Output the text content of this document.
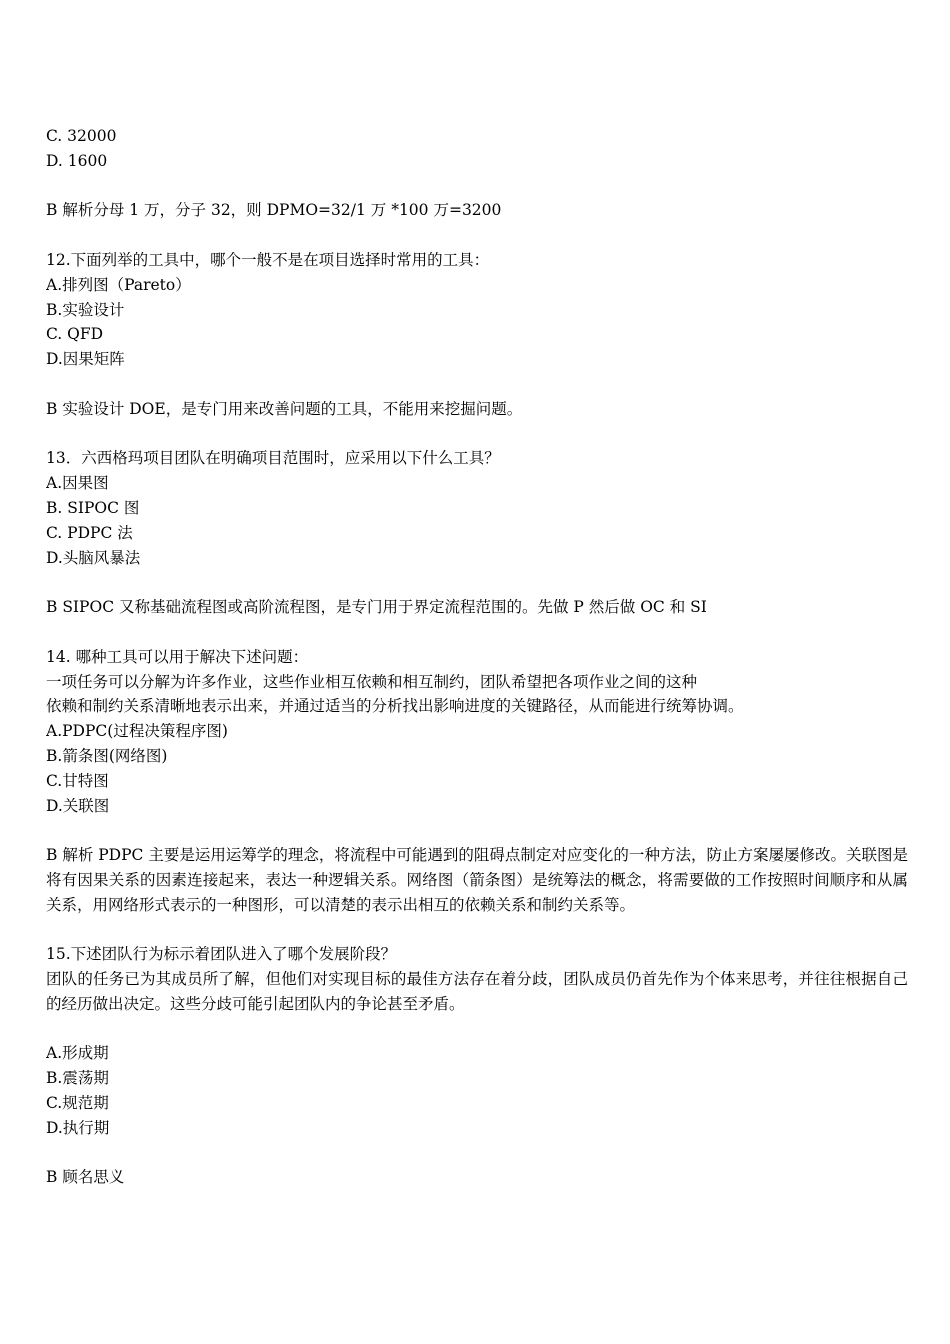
C. 32000
D. 1600
B 解析分母 1 万，分子 32，则 DPMO=32/1 万 *100 万=3200
12.下面列举的工具中，哪个一般不是在项目选择时常用的工具：
A.排列图（Pareto）
B.实验设计
C. QFD
D.因果矩阵
B 实验设计 DOE，是专门用来改善问题的工具，不能用来挖掘问题。
13．六西格玛项目团队在明确项目范围时，应采用以下什么工具？
A.因果图
B. SIPOC 图
C. PDPC 法
D.头脑风暴法
B SIPOC 又称基础流程图或高阶流程图，是专门用于界定流程范围的。先做 P 然后做 OC 和 SI
14. 哪种工具可以用于解决下述问题：
一项任务可以分解为许多作业，这些作业相互依赖和相互制约，团队希望把各项作业之间的这种
依赖和制约关系清晰地表示出来，并通过适当的分析找出影响进度的关键路径，从而能进行统筹协调。
A.PDPC(过程决策程序图)
B.箭条图(网络图)
C.甘特图
D.关联图
B 解析 PDPC 主要是运用运筹学的理念，将流程中可能遇到的阻碍点制定对应变化的一种方法，防止方案屡屡修改。关联图是将有因果关系的因素连接起来，表达一种逻辑关系。网络图（箭条图）是统筹法的概念，将需要做的工作按照时间顺序和从属关系，用网络形式表示的一种图形，可以清楚的表示出相互的依赖关系和制约关系等。
15.下述团队行为标示着团队进入了哪个发展阶段？
团队的任务已为其成员所了解，但他们对实现目标的最佳方法存在着分歧，团队成员仍首先作为个体来思考，并往往根据自己的经历做出决定。这些分歧可能引起团队内的争论甚至矛盾。
A.形成期
B.震荡期
C.规范期
D.执行期
B 顾名思义
